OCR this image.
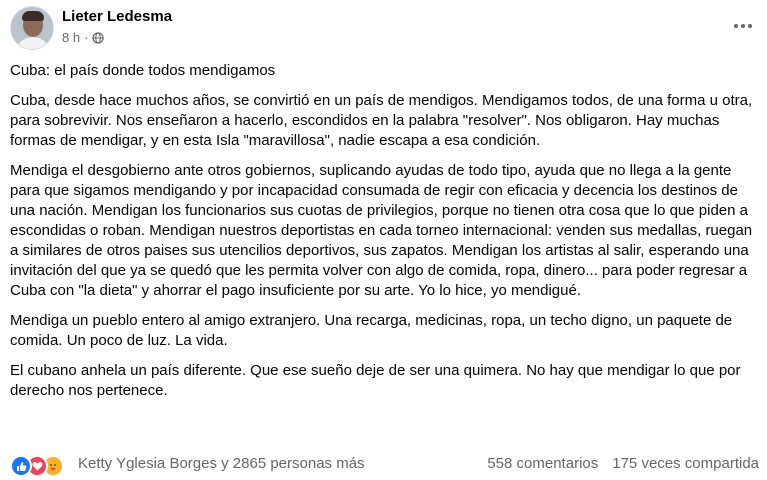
Lieter Ledesma
8 h ·

Cuba: el país donde todos mendigamos

Cuba, desde hace muchos años, se convirtió en un país de mendigos. Mendigamos todos, de una forma u otra, para sobrevivir. Nos enseñaron a hacerlo, escondidos en la palabra "resolver". Nos obligaron. Hay muchas formas de mendigar, y en esta Isla "maravillosa", nadie escapa a esa condición.

Mendiga el desgobierno ante otros gobiernos, suplicando ayudas de todo tipo, ayuda que no llega a la gente para que sigamos mendigando y por incapacidad consumada de regir con eficacia y decencia los destinos de una nación. Mendigan los funcionarios sus cuotas de privilegios, porque no tienen otra cosa que lo que piden a escondidas o roban. Mendigan nuestros deportistas en cada torneo internacional: venden sus medallas, ruegan a similares de otros paises sus utencilios deportivos, sus zapatos. Mendigan los artistas al salir, esperando una invitación del que ya se quedó que les permita volver con algo de comida, ropa, dinero... para poder regresar a Cuba con "la dieta" y ahorrar el pago insuficiente por su arte. Yo lo hice, yo mendigué.

Mendiga un pueblo entero al amigo extranjero. Una recarga, medicinas, ropa, un techo digno, un paquete de comida. Un poco de luz. La vida.

El cubano anhela un país diferente. Que ese sueño deje de ser una quimera. No hay que mendigar lo que por derecho nos pertenece.

Ketty Yglesia Borges y 2865 personas más	558 comentarios 175 veces compartida
